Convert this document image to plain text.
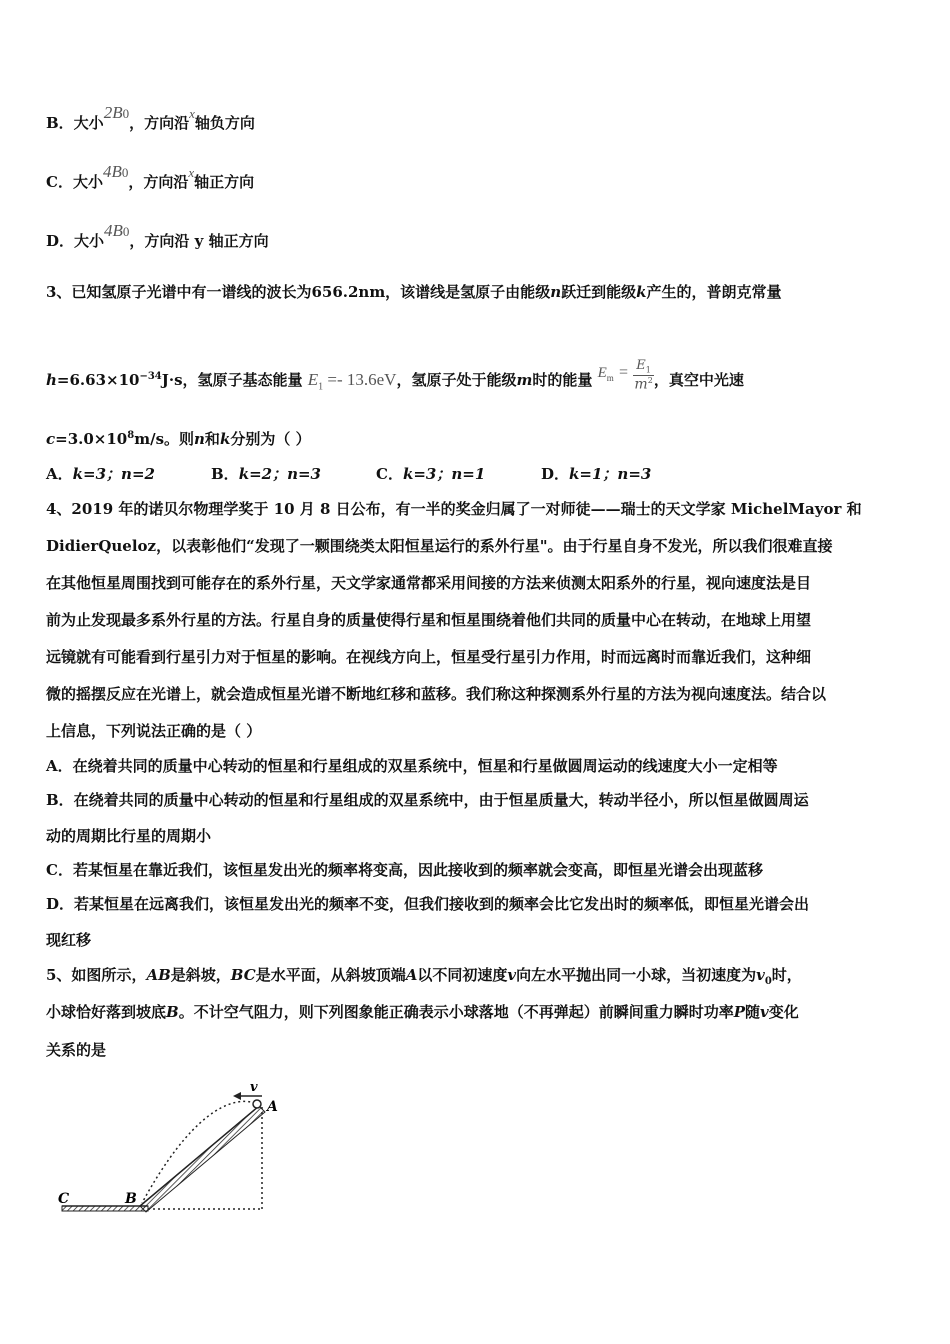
B．大小2B0，方向沿x轴负方向
C．大小4B0，方向沿x轴正方向
D．大小4B0，方向沿 y 轴正方向
3、已知氢原子光谱中有一谱线的波长为656.2nm，该谱线是氢原子由能级n跃迁到能级k产生的，普朗克常量
$h=6.63\times 10^{-34}J\cdot s$，氢原子基态能量 $E_1 =- 13.6eV$，氢原子处于能级m时的能量 $E_m = \frac{E_1}{m^2}$ ，真空中光速
$c=3.0\times 10^8m/s$。则n和k分别为（ ）
A．k=3；n=2	B．k=2；n=3	C．k=3；n=1	D．k=1；n=3
4、2019 年的诺贝尔物理学奖于 10 月 8 日公布，有一半的奖金归属了一对师徒——瑞士的天文学家 MichelMayor 和
DidierQueloz，以表彰他们“发现了一颗围绕类太阳恒星运行的系外行星"。由于行星自身不发光，所以我们很难直接
在其他恒星周围找到可能存在的系外行星，天文学家通常都采用间接的方法来侦测太阳系外的行星，视向速度法是目
前为止发现最多系外行星的方法。行星自身的质量使得行星和恒星围绕着他们共同的质量中心在转动，在地球上用望
远镜就有可能看到行星引力对于恒星的影响。在视线方向上，恒星受行星引力作用，时而远离时而靠近我们，这种细
微的摇摆反应在光谱上，就会造成恒星光谱不断地红移和蓝移。我们称这种探测系外行星的方法为视向速度法。结合以
上信息，下列说法正确的是（ ）
A．在绕着共同的质量中心转动的恒星和行星组成的双星系统中，恒星和行星做圆周运动的线速度大小一定相等
B．在绕着共同的质量中心转动的恒星和行星组成的双星系统中，由于恒星质量大，转动半径小，所以恒星做圆周运
动的周期比行星的周期小
C．若某恒星在靠近我们，该恒星发出光的频率将变高，因此接收到的频率就会变高，即恒星光谱会出现蓝移
D．若某恒星在远离我们，该恒星发出光的频率不变，但我们接收到的频率会比它发出时的频率低，即恒星光谱会出
现红移
5、如图所示，AB是斜坡，BC是水平面，从斜坡顶端A以不同初速度v向左水平抛出同一小球，当初速度为$v_0$时，
小球恰好落到坡底B。不计空气阻力，则下列图象能正确表示小球落地（不再弹起）前瞬间重力瞬时功率P随v变化
关系的是
v
A
B
C
